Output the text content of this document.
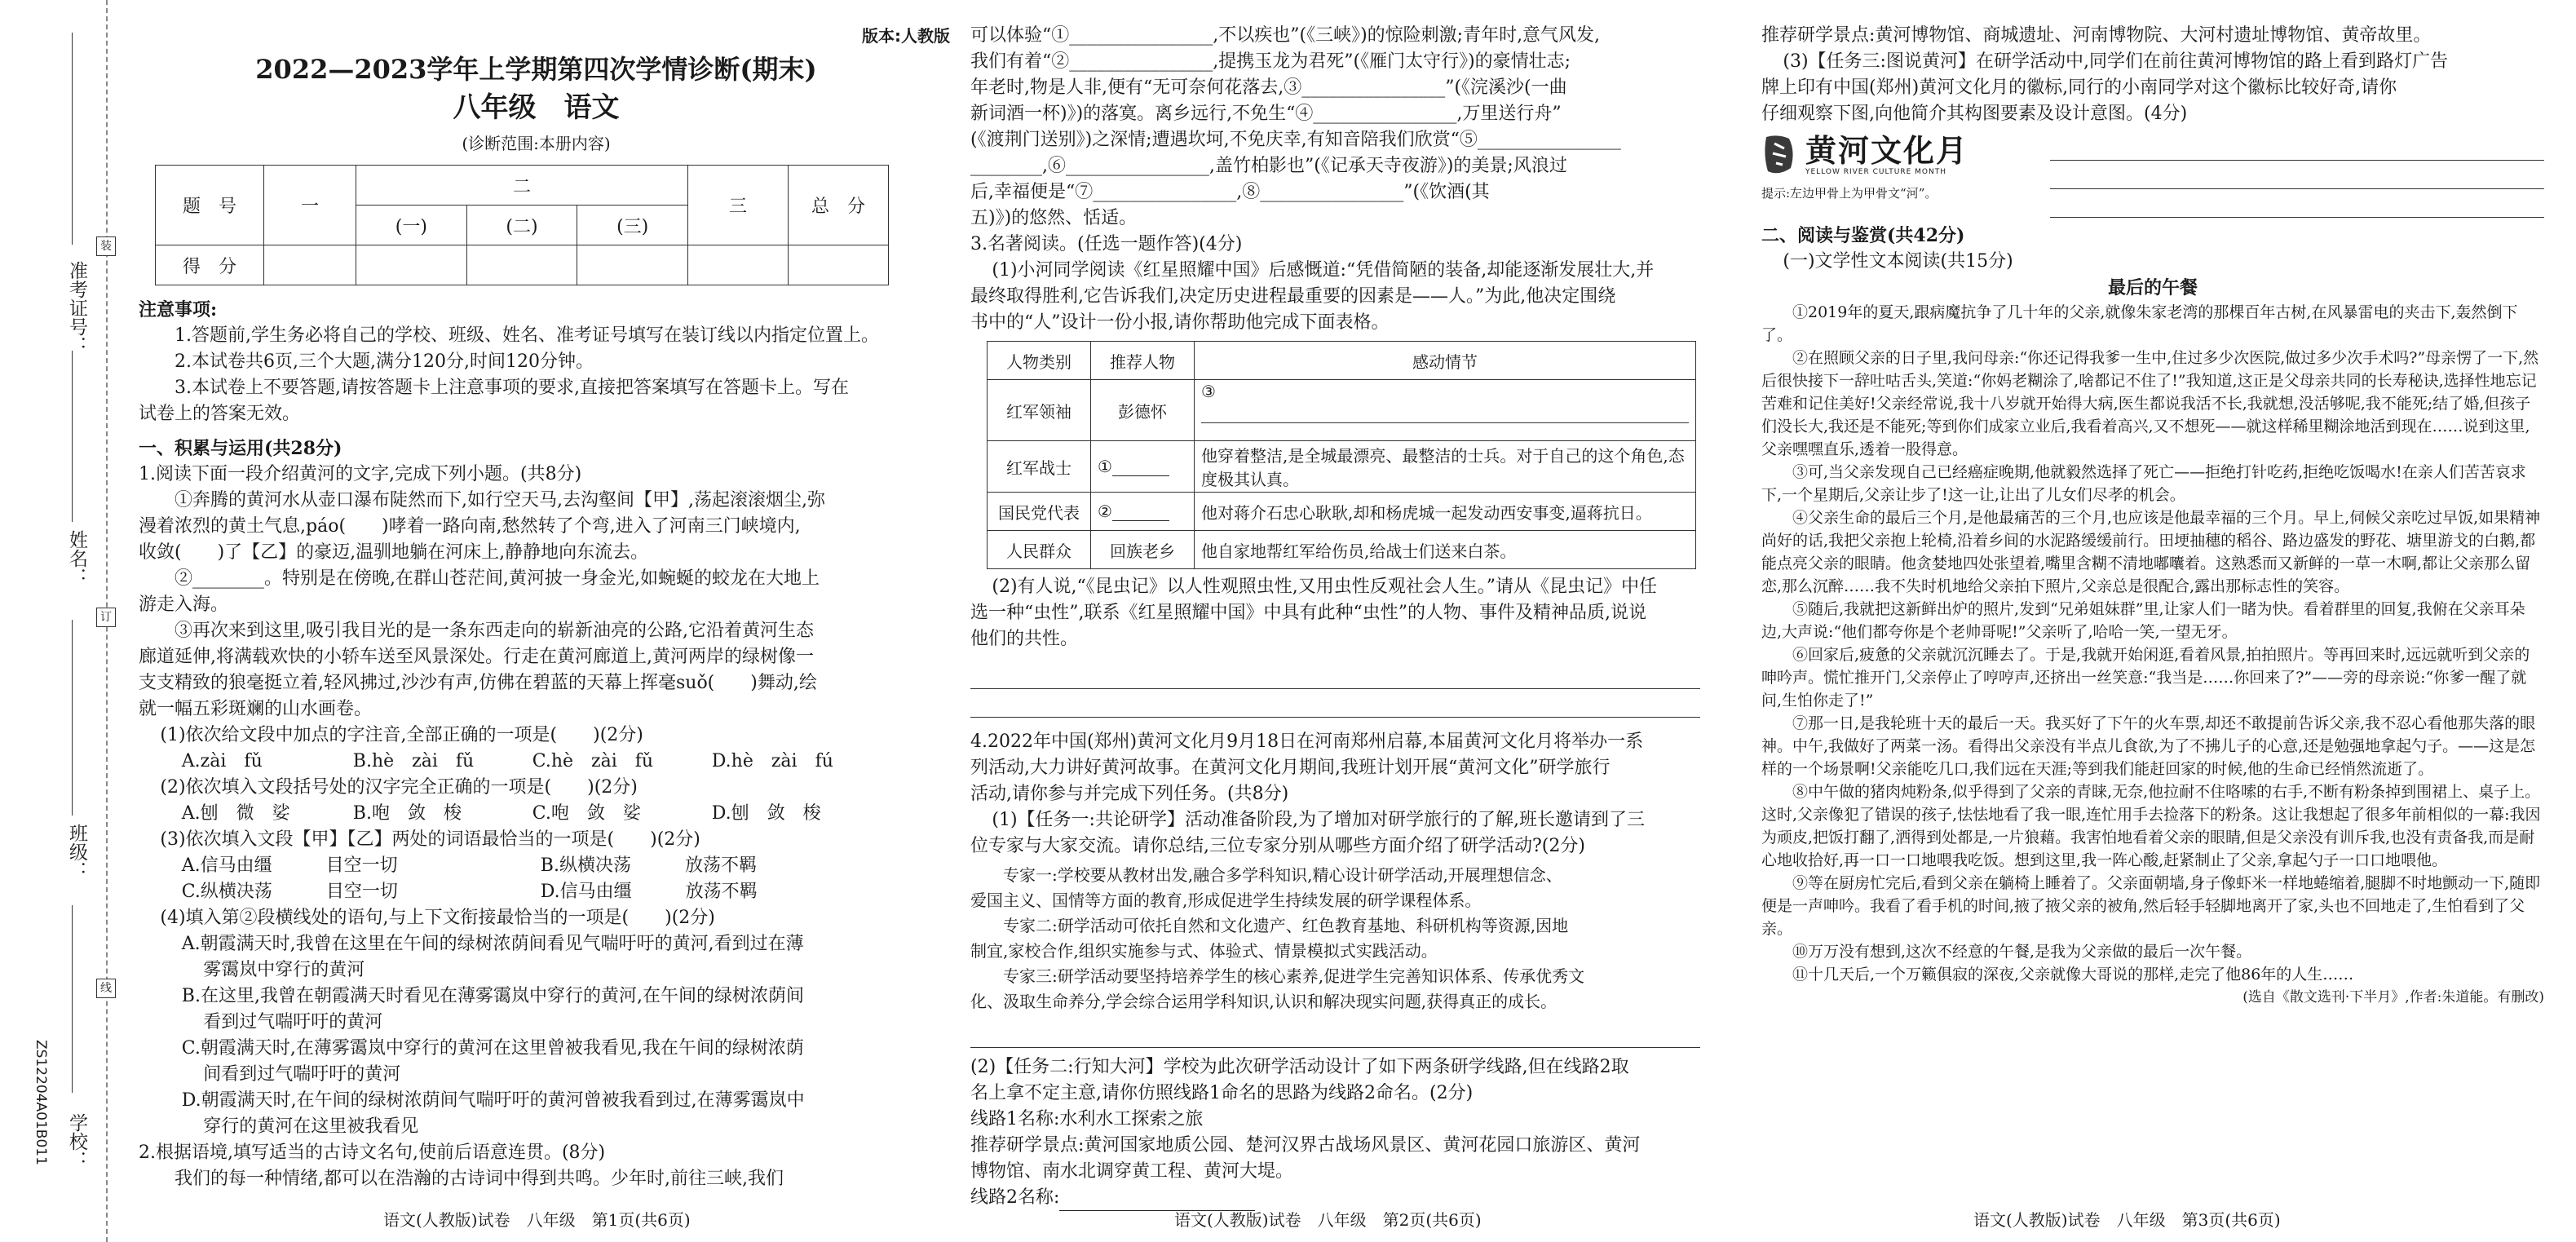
准考证号：
姓名：
班级：
学校：
装
订
线
ZS12204A01B011
版本:人教版
2022—2023学年上学期第四次学情诊断(期末)
八年级　语文
(诊断范围:本册内容)
题　号	一	二			三	总　分
		(一)	(二)	(三)		
得　分						

注意事项:

1.答题前,学生务必将自己的学校、班级、姓名、准考证号填写在装订线以内指定位置上。

2.本试卷共6页,三个大题,满分120分,时间120分钟。

3.本试卷上不要答题,请按答题卡上注意事项的要求,直接把答案填写在答题卡上。写在

试卷上的答案无效。

一、积累与运用(共28分)

1.阅读下面一段介绍黄河的文字,完成下列小题。(共8分)

①奔腾的黄河水从壶口瀑布陡然而下,如行空天马,去沟壑间【甲】,荡起滚滚烟尘,弥

漫着浓烈的黄土气息,páo(　　)哮着一路向南,愁然转了个弯,进入了河南三门峡境内,

收敛(　　)了【乙】的豪迈,温驯地躺在河床上,静静地向东流去。

②________。特别是在傍晚,在群山苍茫间,黄河披一身金光,如蜿蜒的蛟龙在大地上

游走入海。

③再次来到这里,吸引我目光的是一条东西走向的崭新油亮的公路,它沿着黄河生态

廊道延伸,将满载欢快的小轿车送至风景深处。行走在黄河廊道上,黄河两岸的绿树像一

支支精致的狼毫挺立着,轻风拂过,沙沙有声,仿佛在碧蓝的天幕上挥毫suǒ(　　)舞动,绘

就一幅五彩斑斓的山水画卷。

(1)依次给文段中加点的字注音,全部正确的一项是(　　)(2分)

A.zài　fǔ	B.hè　zài　fǔ	C.hè　zài　fǔ	D.hè　zài　fú

(2)依次填入文段括号处的汉字完全正确的一项是(　　)(2分)

A.刨　微　娑	B.咆　敛　梭	C.咆　敛　娑	D.刨　敛　梭

(3)依次填入文段【甲】【乙】两处的词语最恰当的一项是(　　)(2分)

A.信马由缰　　　目空一切	B.纵横决荡　　　放荡不羁
C.纵横决荡　　　目空一切	D.信马由缰　　　放荡不羁

(4)填入第②段横线处的语句,与上下文衔接最恰当的一项是(　　)(2分)

A.朝霞满天时,我曾在这里在午间的绿树浓荫间看见气喘吁吁的黄河,看到过在薄

雾霭岚中穿行的黄河

B.在这里,我曾在朝霞满天时看见在薄雾霭岚中穿行的黄河,在午间的绿树浓荫间

看到过气喘吁吁的黄河

C.朝霞满天时,在薄雾霭岚中穿行的黄河在这里曾被我看见,我在午间的绿树浓荫

间看到过气喘吁吁的黄河

D.朝霞满天时,在午间的绿树浓荫间气喘吁吁的黄河曾被我看到过,在薄雾霭岚中

穿行的黄河在这里被我看见

2.根据语境,填写适当的古诗文名句,使前后语意连贯。(8分)

我们的每一种情绪,都可以在浩瀚的古诗词中得到共鸣。少年时,前往三峡,我们

语文(人教版)试卷　八年级　第1页(共6页)

可以体验“①________________,不以疾也”(《三峡》)的惊险刺激;青年时,意气风发,

我们有着“②________________,提携玉龙为君死”(《雁门太守行》)的豪情壮志;

年老时,物是人非,便有“无可奈何花落去,③________________”(《浣溪沙(一曲

新词酒一杯)》)的落寞。离乡远行,不免生“④________________,万里送行舟”

(《渡荆门送别》)之深情;遭遇坎坷,不免庆幸,有知音陪我们欣赏“⑤________________

________,⑥________________,盖竹柏影也”(《记承天寺夜游》)的美景;风浪过

后,幸福便是“⑦________________,⑧________________”(《饮酒(其

五)》)的悠然、恬适。

3.名著阅读。(任选一题作答)(4分)

(1)小河同学阅读《红星照耀中国》后感慨道:“凭借简陋的装备,却能逐渐发展壮大,并

最终取得胜利,它告诉我们,决定历史进程最重要的因素是——人。”为此,他决定围绕

书中的“人”设计一份小报,请你帮助他完成下面表格。

人物类别	推荐人物	感动情节
红军领袖	彭德怀	③

红军战士	①	他穿着整洁,是全城最漂亮、最整洁的士兵。对于自己的这个角色,态度极其认真。
国民党代表	②	他对蒋介石忠心耿耿,却和杨虎城一起发动西安事变,逼蒋抗日。
人民群众	回族老乡	他自家地帮红军给伤员,给战士们送来白茶。

(2)有人说,“《昆虫记》以人性观照虫性,又用虫性反观社会人生。”请从《昆虫记》中任

选一种“虫性”,联系《红星照耀中国》中具有此种“虫性”的人物、事件及精神品质,说说

他们的共性。

4.2022年中国(郑州)黄河文化月9月18日在河南郑州启幕,本届黄河文化月将举办一系

列活动,大力讲好黄河故事。在黄河文化月期间,我班计划开展“黄河文化”研学旅行

活动,请你参与并完成下列任务。(共8分)

(1)【任务一:共论研学】活动准备阶段,为了增加对研学旅行的了解,班长邀请到了三

位专家与大家交流。请你总结,三位专家分别从哪些方面介绍了研学活动?(2分)

专家一:学校要从教材出发,融合多学科知识,精心设计研学活动,开展理想信念、

爱国主义、国情等方面的教育,形成促进学生持续发展的研学课程体系。

专家二:研学活动可依托自然和文化遗产、红色教育基地、科研机构等资源,因地

制宜,家校合作,组织实施参与式、体验式、情景模拟式实践活动。

专家三:研学活动要坚持培养学生的核心素养,促进学生完善知识体系、传承优秀文

化、汲取生命养分,学会综合运用学科知识,认识和解决现实问题,获得真正的成长。

(2)【任务二:行知大河】学校为此次研学活动设计了如下两条研学线路,但在线路2取

名上拿不定主意,请你仿照线路1命名的思路为线路2命名。(2分)

线路1名称:水利水工探索之旅

推荐研学景点:黄河国家地质公园、楚河汉界古战场风景区、黄河花园口旅游区、黄河

博物馆、南水北调穿黄工程、黄河大堤。

线路2名称:

语文(人教版)试卷　八年级　第2页(共6页)

推荐研学景点:黄河博物馆、商城遗址、河南博物院、大河村遗址博物馆、黄帝故里。

(3)【任务三:图说黄河】在研学活动中,同学们在前往黄河博物馆的路上看到路灯广告

牌上印有中国(郑州)黄河文化月的徽标,同行的小南同学对这个徽标比较好奇,请你

仔细观察下图,向他简介其构图要素及设计意图。(4分)

黄河文化月
YELLOW RIVER CULTURE MONTH
提示:左边甲骨上为甲骨文“河”。

二、阅读与鉴赏(共42分)

(一)文学性文本阅读(共15分)

最后的午餐

①2019年的夏天,跟病魔抗争了几十年的父亲,就像朱家老湾的那棵百年古树,在风暴雷电的夹击下,轰然倒下了。

②在照顾父亲的日子里,我问母亲:“你还记得我爹一生中,住过多少次医院,做过多少次手术吗?”母亲愣了一下,然后很快接下一辞吐咕舌头,笑道:“你妈老糊涂了,啥都记不住了!”我知道,这正是父母亲共同的长寿秘诀,选择性地忘记苦难和记住美好!父亲经常说,我十八岁就开始得大病,医生都说我活不长,我就想,没活够呢,我不能死;结了婚,但孩子们没长大,我还是不能死;等到你们成家立业后,我看着高兴,又不想死——就这样稀里糊涂地活到现在……说到这里,父亲嘿嘿直乐,透着一股得意。

③可,当父亲发现自己已经癌症晚期,他就毅然选择了死亡——拒绝打针吃药,拒绝吃饭喝水!在亲人们苦苦哀求下,一个星期后,父亲让步了!这一让,让出了儿女们尽孝的机会。

④父亲生命的最后三个月,是他最痛苦的三个月,也应该是他最幸福的三个月。早上,伺候父亲吃过早饭,如果精神尚好的话,我把父亲抱上轮椅,沿着乡间的水泥路缓缓前行。田埂抽穗的稻谷、路边盛发的野花、塘里游戈的白鹅,都能点亮父亲的眼睛。他贪婪地四处张望着,嘴里含糊不清地嘟囔着。这熟悉而又新鲜的一草一木啊,都让父亲那么留恋,那么沉醉……我不失时机地给父亲拍下照片,父亲总是很配合,露出那标志性的笑容。

⑤随后,我就把这新鲜出炉的照片,发到“兄弟姐妹群”里,让家人们一睹为快。看着群里的回复,我俯在父亲耳朵边,大声说:“他们都夸你是个老帅哥呢!”父亲听了,哈哈一笑,一望无牙。

⑥回家后,疲惫的父亲就沉沉睡去了。于是,我就开始闲逛,看着风景,拍拍照片。等再回来时,远远就听到父亲的呻吟声。慌忙推开门,父亲停止了哼哼声,还挤出一丝笑意:“我当是……你回来了?”——旁的母亲说:“你爹一醒了就问,生怕你走了!”

⑦那一日,是我轮班十天的最后一天。我买好了下午的火车票,却还不敢提前告诉父亲,我不忍心看他那失落的眼神。中午,我做好了两菜一汤。看得出父亲没有半点儿食欲,为了不拂儿子的心意,还是勉强地拿起勺子。——这是怎样的一个场景啊!父亲能吃几口,我们远在天涯;等到我们能赶回家的时候,他的生命已经悄然流逝了。

⑧中午做的猪肉炖粉条,似乎得到了父亲的青睐,无奈,他拉耐不住咯嗦的右手,不断有粉条掉到围裙上、桌子上。这时,父亲像犯了错误的孩子,怯怯地看了我一眼,连忙用手去捡落下的粉条。这让我想起了很多年前相似的一幕:我因为顽皮,把饭打翻了,洒得到处都是,一片狼藉。我害怕地看着父亲的眼睛,但是父亲没有训斥我,也没有责备我,而是耐心地收拾好,再一口一口地喂我吃饭。想到这里,我一阵心酸,赶紧制止了父亲,拿起勺子一口口地喂他。

⑨等在厨房忙完后,看到父亲在躺椅上睡着了。父亲面朝墙,身子像虾米一样地蜷缩着,腿脚不时地颤动一下,随即便是一声呻吟。我看了看手机的时间,掖了掖父亲的被角,然后轻手轻脚地离开了家,头也不回地走了,生怕看到了父亲。

⑩万万没有想到,这次不经意的午餐,是我为父亲做的最后一次午餐。

⑪十几天后,一个万籁俱寂的深夜,父亲就像大哥说的那样,走完了他86年的人生……

(选自《散文选刊·下半月》,作者:朱道能。有删改)

语文(人教版)试卷　八年级　第3页(共6页)
